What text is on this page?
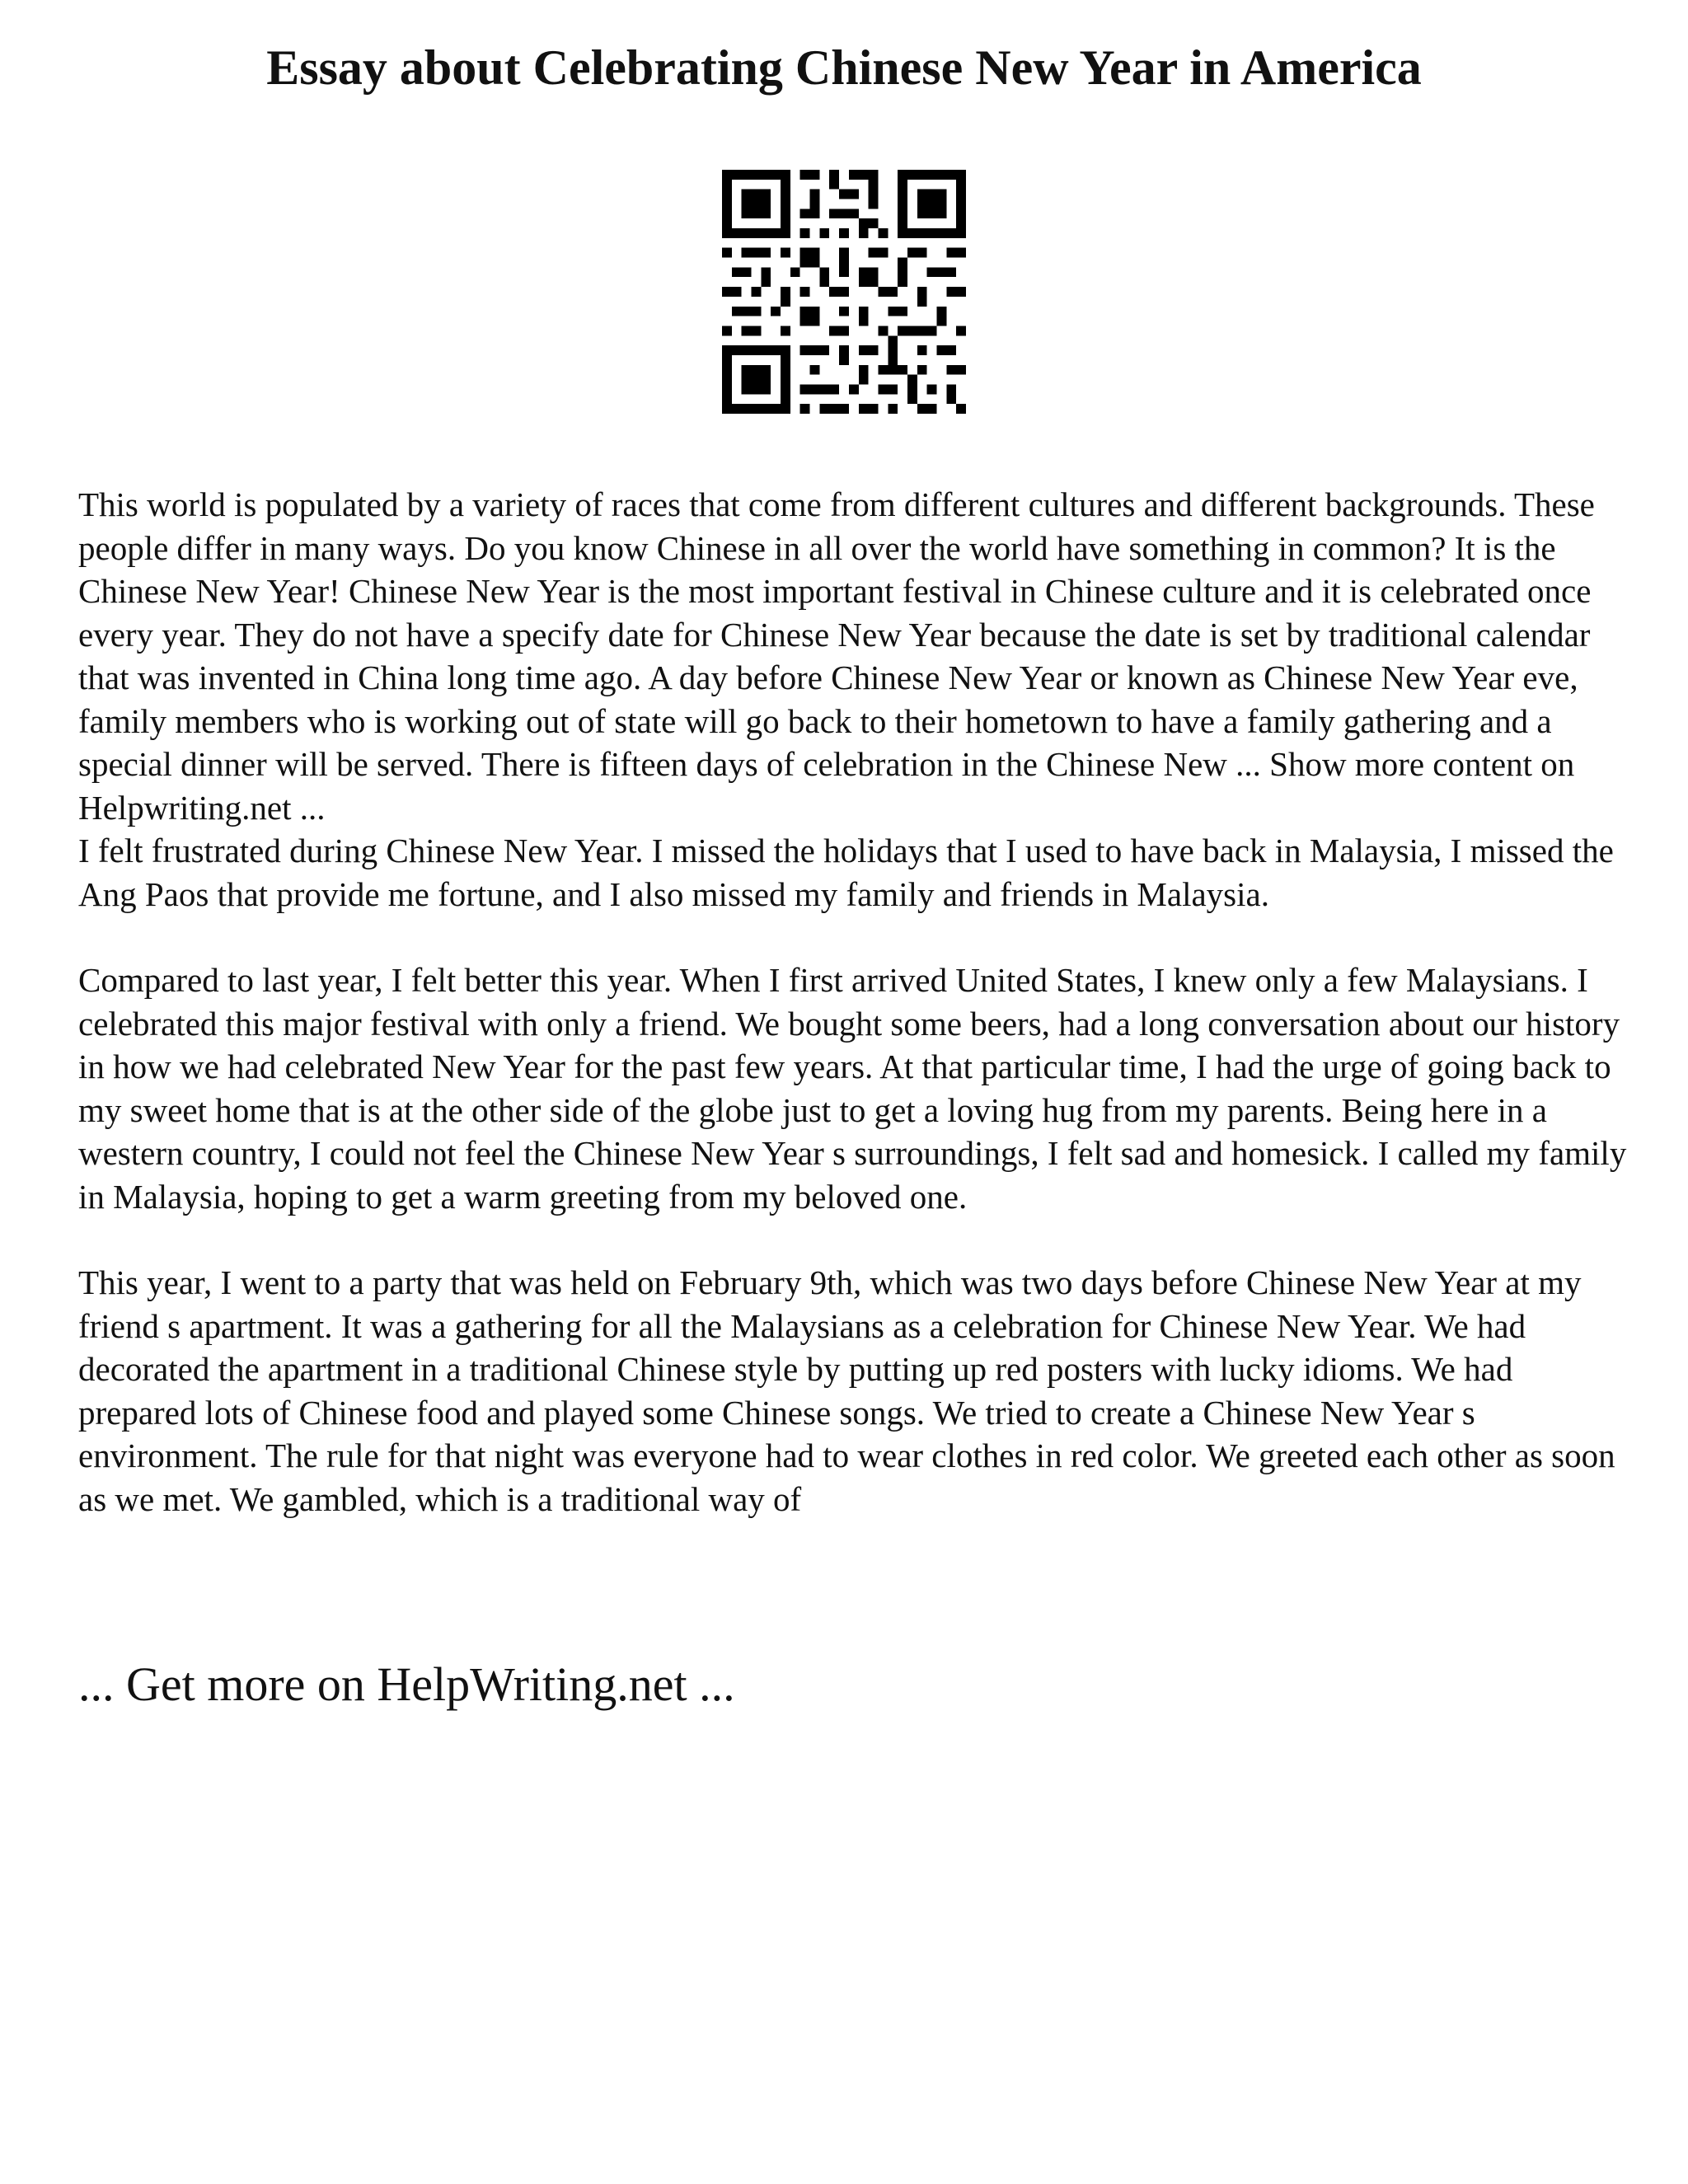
Essay about Celebrating Chinese New Year in America

This world is populated by a variety of races that come from different cultures and different backgrounds. These people differ in many ways. Do you know Chinese in all over the world have something in common? It is the Chinese New Year! Chinese New Year is the most important festival in Chinese culture and it is celebrated once every year. They do not have a specify date for Chinese New Year because the date is set by traditional calendar that was invented in China long time ago. A day before Chinese New Year or known as Chinese New Year eve, family members who is working out of state will go back to their hometown to have a family gathering and a special dinner will be served. There is fifteen days of celebration in the Chinese New ... Show more content on Helpwriting.net ...

I felt frustrated during Chinese New Year. I missed the holidays that I used to have back in Malaysia, I missed the Ang Paos that provide me fortune, and I also missed my family and friends in Malaysia.

Compared to last year, I felt better this year. When I first arrived United States, I knew only a few Malaysians. I celebrated this major festival with only a friend. We bought some beers, had a long conversation about our history in how we had celebrated New Year for the past few years. At that particular time, I had the urge of going back to my sweet home that is at the other side of the globe just to get a loving hug from my parents. Being here in a western country, I could not feel the Chinese New Year s surroundings, I felt sad and homesick. I called my family in Malaysia, hoping to get a warm greeting from my beloved one.

This year, I went to a party that was held on February 9th, which was two days before Chinese New Year at my friend s apartment. It was a gathering for all the Malaysians as a celebration for Chinese New Year. We had decorated the apartment in a traditional Chinese style by putting up red posters with lucky idioms. We had prepared lots of Chinese food and played some Chinese songs. We tried to create a Chinese New Year s environment. The rule for that night was everyone had to wear clothes in red color. We greeted each other as soon as we met. We gambled, which is a traditional way of

... Get more on HelpWriting.net ...
